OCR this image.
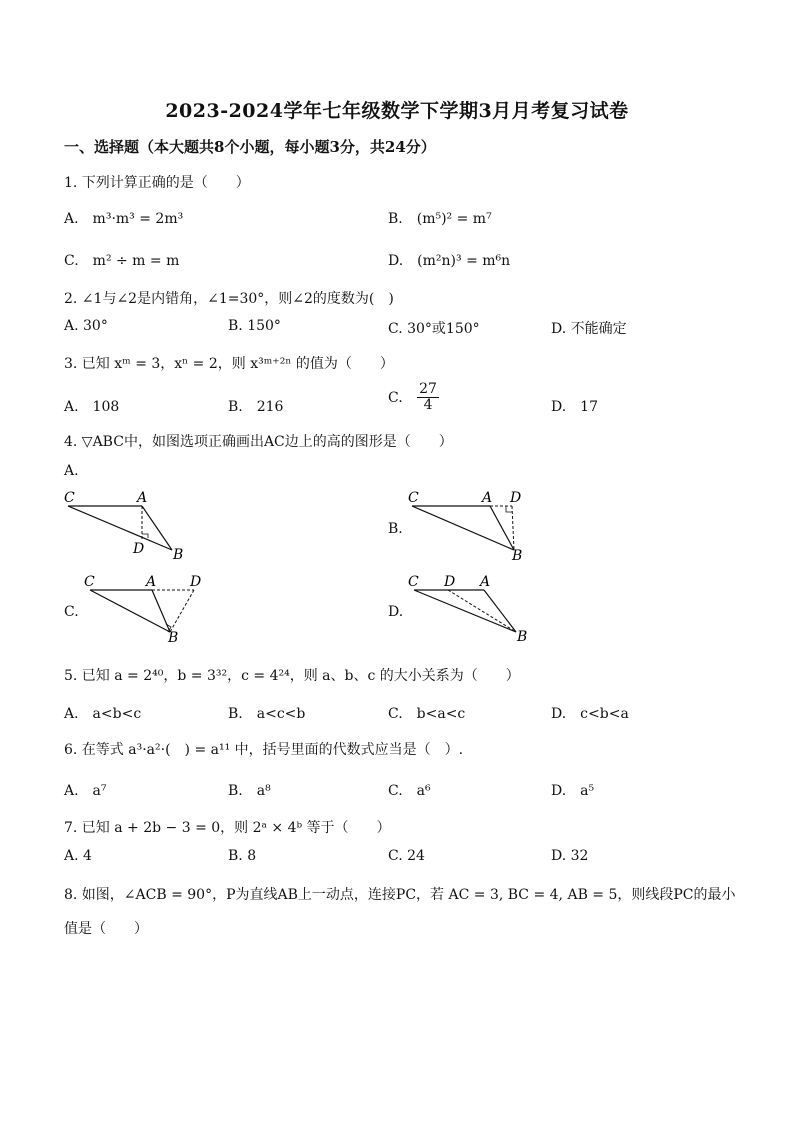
2023-2024学年七年级数学下学期3月月考复习试卷
一、选择题（本大题共8个小题，每小题3分，共24分）
1. 下列计算正确的是（　　）
A.　m³·m³ = 2m³	B.　(m⁵)² = m⁷
C.　m² ÷ m = m	D.　(m²n)³ = m⁶n
2. ∠1与∠2是内错角，∠1=30°，则∠2的度数为(　)
A. 30°	B. 150°	C. 30°或150°	D. 不能确定
3. 已知 xᵐ = 3，xⁿ = 2，则 x³ᵐ⁺²ⁿ 的值为（　　）
A.　108	B.　216
C. $\frac{27}{4}$	D.　17
4. ▽ABC中，如图选项正确画出AC边上的高的图形是（　　）
A.
C	A
D B
B.
C	A D
B
C.
C	A D
B
D.
C D A
B
5. 已知 a = 2⁴⁰，b = 3³²，c = 4²⁴，则 a、b、c 的大小关系为（　　）
A.　a<b<c	B.　a<c<b	C.　b<a<c	D.　c<b<a
6. 在等式 a³·a²·(　) = a¹¹ 中，括号里面的代数式应当是（　）.
A.　a⁷	B.　a⁸	C.　a⁶	D.　a⁵
7. 已知 a + 2b − 3 = 0，则 2ᵃ × 4ᵇ 等于（　　）
A. 4	B. 8	C. 24	D. 32
8. 如图，∠ACB = 90°，P为直线AB上一动点，连接PC，若 AC = 3, BC = 4, AB = 5，则线段PC的最小
值是（　　）
